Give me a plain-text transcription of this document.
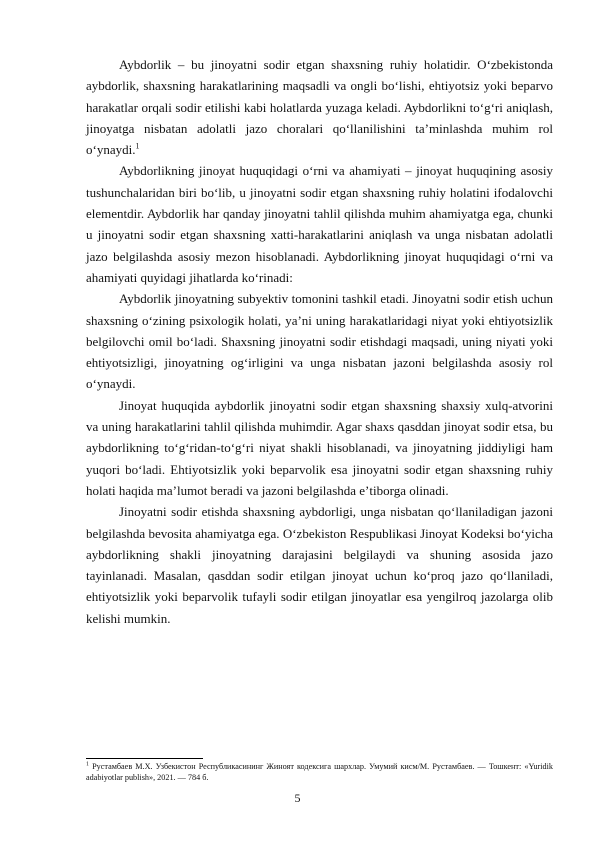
Aybdorlik – bu jinoyatni sodir etgan shaxsning ruhiy holatidir. Oʻzbekistonda aybdorlik, shaxsning harakatlarining maqsadli va ongli boʻlishi, ehtiyotsiz yoki beparvo harakatlar orqali sodir etilishi kabi holatlarda yuzaga keladi. Aybdorlikni toʻgʻri aniqlash, jinoyatga nisbatan adolatli jazo choralari qoʻllanilishini taʼminlashda muhim rol oʻynaydi.$^1$

Aybdorlikning jinoyat huquqidagi oʻrni va ahamiyati – jinoyat huquqining asosiy tushunchalaridan biri boʻlib, u jinoyatni sodir etgan shaxsning ruhiy holatini ifodalovchi elementdir. Aybdorlik har qanday jinoyatni tahlil qilishda muhim ahamiyatga ega, chunki u jinoyatni sodir etgan shaxsning xatti-harakatlarini aniqlash va unga nisbatan adolatli jazo belgilashda asosiy mezon hisoblanadi. Aybdorlikning jinoyat huquqidagi oʻrni va ahamiyati quyidagi jihatlarda koʻrinadi:

Aybdorlik jinoyatning subyektiv tomonini tashkil etadi. Jinoyatni sodir etish uchun shaxsning oʻzining psixologik holati, yaʼni uning harakatlaridagi niyat yoki ehtiyotsizlik belgilovchi omil boʻladi. Shaxsning jinoyatni sodir etishdagi maqsadi, uning niyati yoki ehtiyotsizligi, jinoyatning ogʻirligini va unga nisbatan jazoni belgilashda asosiy rol oʻynaydi.

Jinoyat huquqida aybdorlik jinoyatni sodir etgan shaxsning shaxsiy xulq-atvorini va uning harakatlarini tahlil qilishda muhimdir. Agar shaxs qasddan jinoyat sodir etsa, bu aybdorlikning toʻgʻridan-toʻgʻri niyat shakli hisoblanadi, va jinoyatning jiddiyligi ham yuqori boʻladi. Ehtiyotsizlik yoki beparvolik esa jinoyatni sodir etgan shaxsning ruhiy holati haqida maʼlumot beradi va jazoni belgilashda eʼtiborga olinadi.

Jinoyatni sodir etishda shaxsning aybdorligi, unga nisbatan qoʻllaniladigan jazoni belgilashda bevosita ahamiyatga ega. Oʻzbekiston Respublikasi Jinoyat Kodeksi boʻyicha aybdorlikning shakli jinoyatning darajasini belgilaydi va shuning asosida jazo tayinlanadi. Masalan, qasddan sodir etilgan jinoyat uchun koʻproq jazo qoʻllaniladi, ehtiyotsizlik yoki beparvolik tufayli sodir etilgan jinoyatlar esa yengilroq jazolarga olib kelishi mumkin.

$^1$ Рустамбаев М.Х. Узбекистон Республикасининг Жиноят кодексига шархлар. Умумий кисм/М. Рустамбаев. — Тошкент: «Yuridik adabiyotlar publish», 2021. — 784 б.

5
